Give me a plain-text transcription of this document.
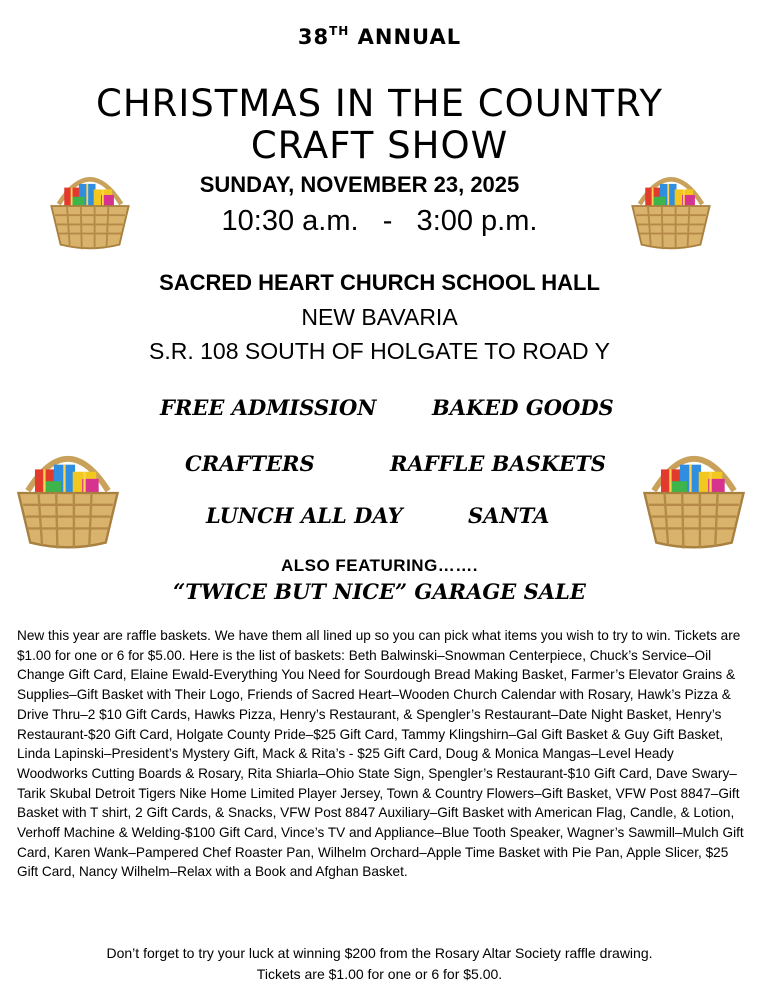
38TH ANNUAL
CHRISTMAS IN THE COUNTRY
CRAFT SHOW
SUNDAY, NOVEMBER 23, 2025
10:30 a.m.   -   3:00 p.m.
SACRED HEART CHURCH SCHOOL HALL
NEW BAVARIA
S.R. 108 SOUTH OF HOLGATE TO ROAD Y
FREE ADMISSION	BAKED GOODS
CRAFTERS	RAFFLE BASKETS
LUNCH ALL DAY	SANTA
ALSO FEATURING…….
“TWICE BUT NICE” GARAGE SALE
New this year are raffle baskets. We have them all lined up so you can pick what items you wish to try to win. Tickets are $1.00 for one or 6 for $5.00. Here is the list of baskets: Beth Balwinski–Snowman Centerpiece, Chuck’s Service–Oil Change Gift Card, Elaine Ewald-Everything You Need for Sourdough Bread Making Basket, Farmer’s Elevator Grains & Supplies–Gift Basket with Their Logo, Friends of Sacred Heart–Wooden Church Calendar with Rosary, Hawk’s Pizza & Drive Thru–2 $10 Gift Cards, Hawks Pizza, Henry’s Restaurant, & Spengler’s Restaurant–Date Night Basket, Henry’s Restaurant-$20 Gift Card, Holgate County Pride–$25 Gift Card, Tammy Klingshirn–Gal Gift Basket & Guy Gift Basket, Linda Lapinski–President’s Mystery Gift, Mack & Rita’s - $25 Gift Card, Doug & Monica Mangas–Level Heady Woodworks Cutting Boards & Rosary, Rita Shiarla–Ohio State Sign, Spengler’s Restaurant-$10 Gift Card, Dave Swary–Tarik Skubal Detroit Tigers Nike Home Limited Player Jersey, Town & Country Flowers–Gift Basket, VFW Post 8847–Gift Basket with T shirt, 2 Gift Cards, & Snacks, VFW Post 8847 Auxiliary–Gift Basket with American Flag, Candle, & Lotion, Verhoff Machine & Welding-$100 Gift Card, Vince’s TV and Appliance–Blue Tooth Speaker, Wagner’s Sawmill–Mulch Gift Card, Karen Wank–Pampered Chef Roaster Pan, Wilhelm Orchard–Apple Time Basket with Pie Pan, Apple Slicer, $25 Gift Card, Nancy Wilhelm–Relax with a Book and Afghan Basket.
Don’t forget to try your luck at winning $200 from the Rosary Altar Society raffle drawing.
Tickets are $1.00 for one or 6 for $5.00.
